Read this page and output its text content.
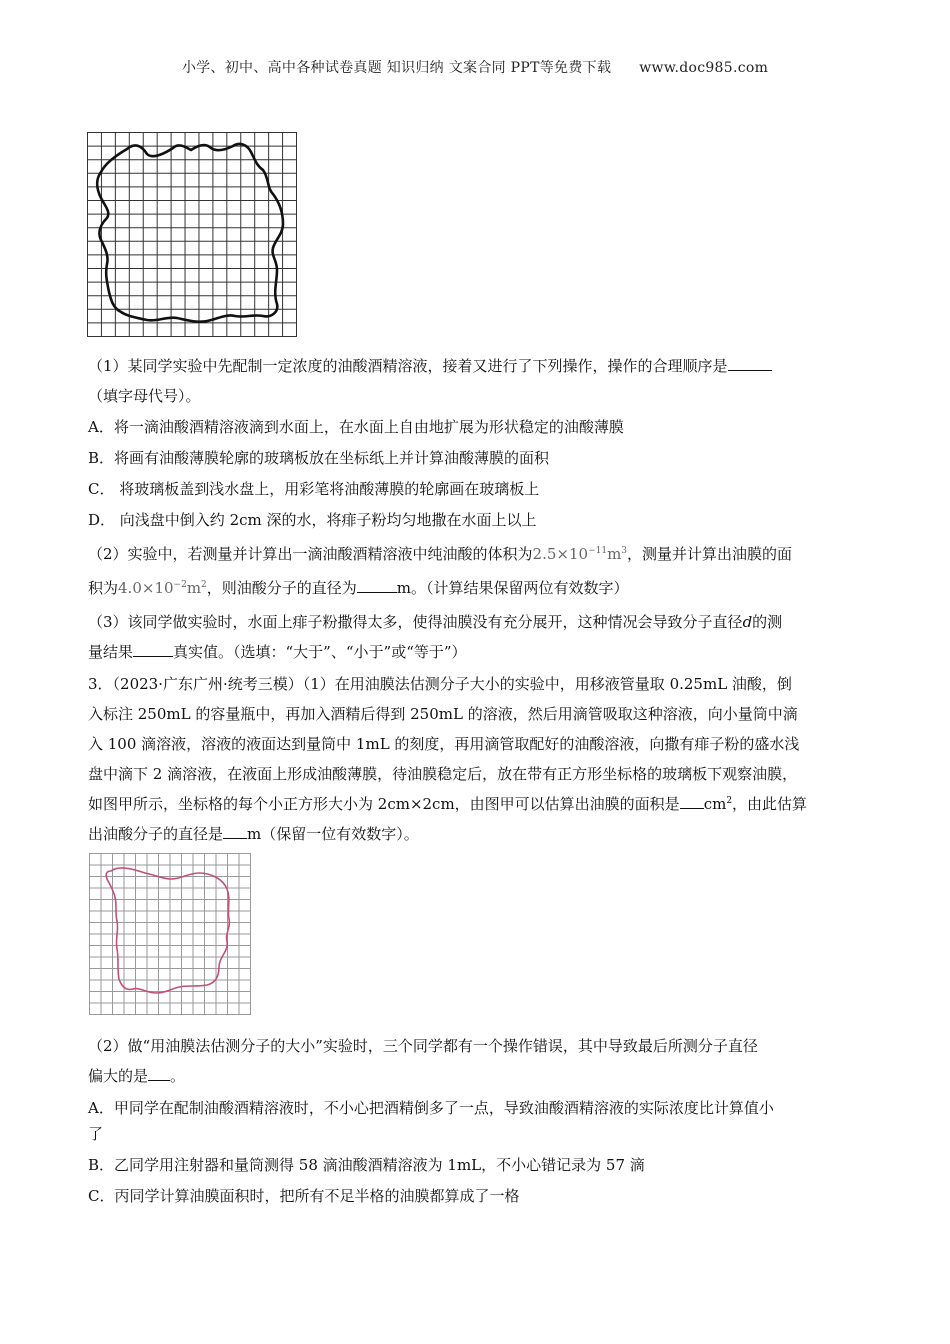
小学、初中、高中各种试卷真题 知识归纳 文案合同 PPT等免费下载 www.doc985.com
（1）某同学实验中先配制一定浓度的油酸酒精溶液，接着又进行了下列操作，操作的合理顺序是
（填字母代号）。
A．将一滴油酸酒精溶液滴到水面上，在水面上自由地扩展为形状稳定的油酸薄膜
B．将画有油酸薄膜轮廓的玻璃板放在坐标纸上并计算油酸薄膜的面积
C． 将玻璃板盖到浅水盘上，用彩笔将油酸薄膜的轮廓画在玻璃板上
D． 向浅盘中倒入约 2cm 深的水，将痱子粉均匀地撒在水面上以上
（2）实验中，若测量并计算出一滴油酸酒精溶液中纯油酸的体积为$2.5\times 10^{-11}m^3$，测量并计算出油膜的面
积为$4.0\times 10^{-2}m^2$，则油酸分子的直径为	m。（计算结果保留两位有效数字）
（3）该同学做实验时，水面上痱子粉撒得太多，使得油膜没有充分展开，这种情况会导致分子直径d的测
量结果	真实值。（选填：“大于”、“小于”或“等于”）
3．（2023·广东广州·统考三模）（1）在用油膜法估测分子大小的实验中，用移液管量取 0.25mL 油酸，倒
入标注 250mL 的容量瓶中，再加入酒精后得到 250mL 的溶液，然后用滴管吸取这种溶液，向小量筒中滴
入 100 滴溶液，溶液的液面达到量筒中 1mL 的刻度，再用滴管取配好的油酸溶液，向撒有痱子粉的盛水浅
盘中滴下 2 滴溶液，在液面上形成油酸薄膜，待油膜稳定后，放在带有正方形坐标格的玻璃板下观察油膜，
如图甲所示，坐标格的每个小正方形大小为 2cm×2cm，由图甲可以估算出油膜的面积是 $cm^2$，由此估算
出油酸分子的直径是 m（保留一位有效数字）。
（2）做“用油膜法估测分子的大小”实验时，三个同学都有一个操作错误，其中导致最后所测分子直径
偏大的是 。
A．甲同学在配制油酸酒精溶液时，不小心把酒精倒多了一点，导致油酸酒精溶液的实际浓度比计算值小
了
B．乙同学用注射器和量筒测得 58 滴油酸酒精溶液为 1mL，不小心错记录为 57 滴
C．丙同学计算油膜面积时，把所有不足半格的油膜都算成了一格
